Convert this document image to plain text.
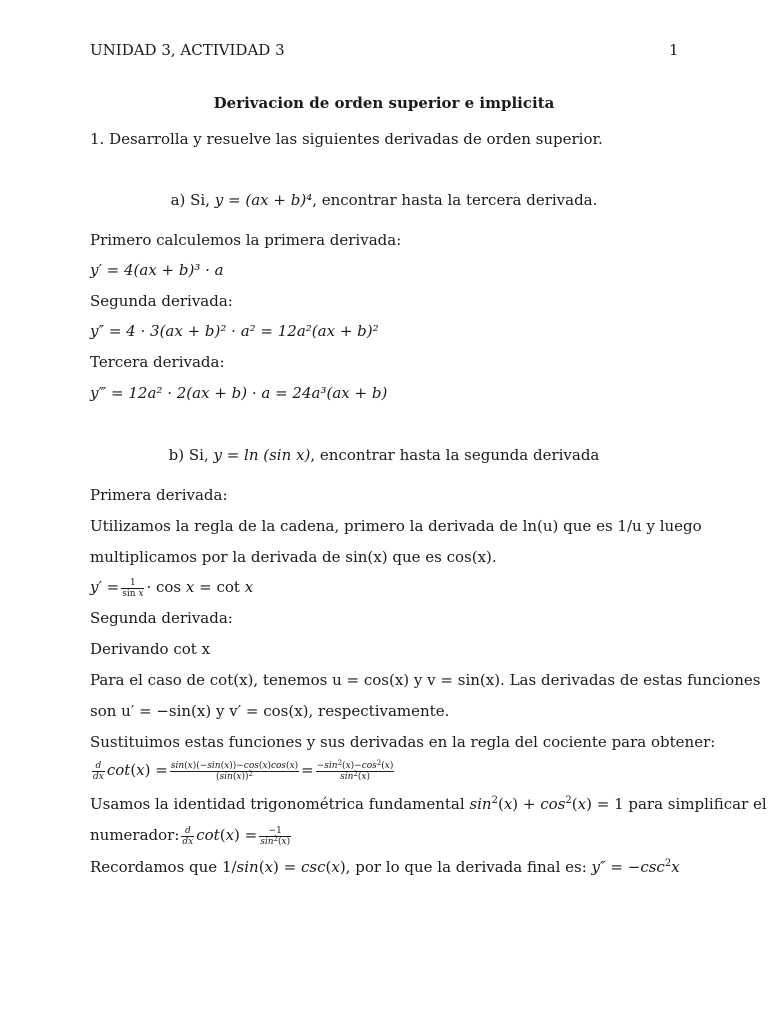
UNIDAD 3, ACTIVIDAD 3	1
Derivacion de orden superior e implicita
1. Desarrolla y resuelve las siguientes derivadas de orden superior.
a) Si, y = (ax + b)⁴, encontrar hasta la tercera derivada.
Primero calculemos la primera derivada:
y′ = 4(ax + b)³ · a
Segunda derivada:
y″ = 4 · 3(ax + b)² · a² = 12a²(ax + b)²
Tercera derivada:
y‴ = 12a² · 2(ax + b) · a = 24a³(ax + b)
b) Si, y = ln (sin x), encontrar hasta la segunda derivada
Primera derivada:
Utilizamos la regla de la cadena, primero la derivada de ln(u) que es 1/u y luego
multiplicamos por la derivada de sin(x) que es cos(x).
$y' = \frac{1}{\text{sin x}} \cdot \cos x = \cot x$
Segunda derivada:
Derivando cot x
Para el caso de cot(x), tenemos u = cos(x) y v = sin(x). Las derivadas de estas funciones
son u′ = −sin(x) y v′ = cos(x), respectivamente.
Sustituimos estas funciones y sus derivadas en la regla del cociente para obtener:
$\frac{d}{dx} \cot(x) = \frac{\sin(x)(-\sin(x))-\cos(x)\cos(x)}{(\sin(x))^2} = \frac{-\sin^2(x)-\cos^2(x)}{\sin^2(x)}$
Usamos la identidad trigonométrica fundamental $\sin^2(x) + \cos^2(x) = 1$ para simplificar el
numerador: $\frac{d}{dx} \cot(x) = \frac{-1}{\sin^2(x)}$
Recordamos que 1/sin(x) = csc(x), por lo que la derivada final es: $y'' = -\csc^2x$
